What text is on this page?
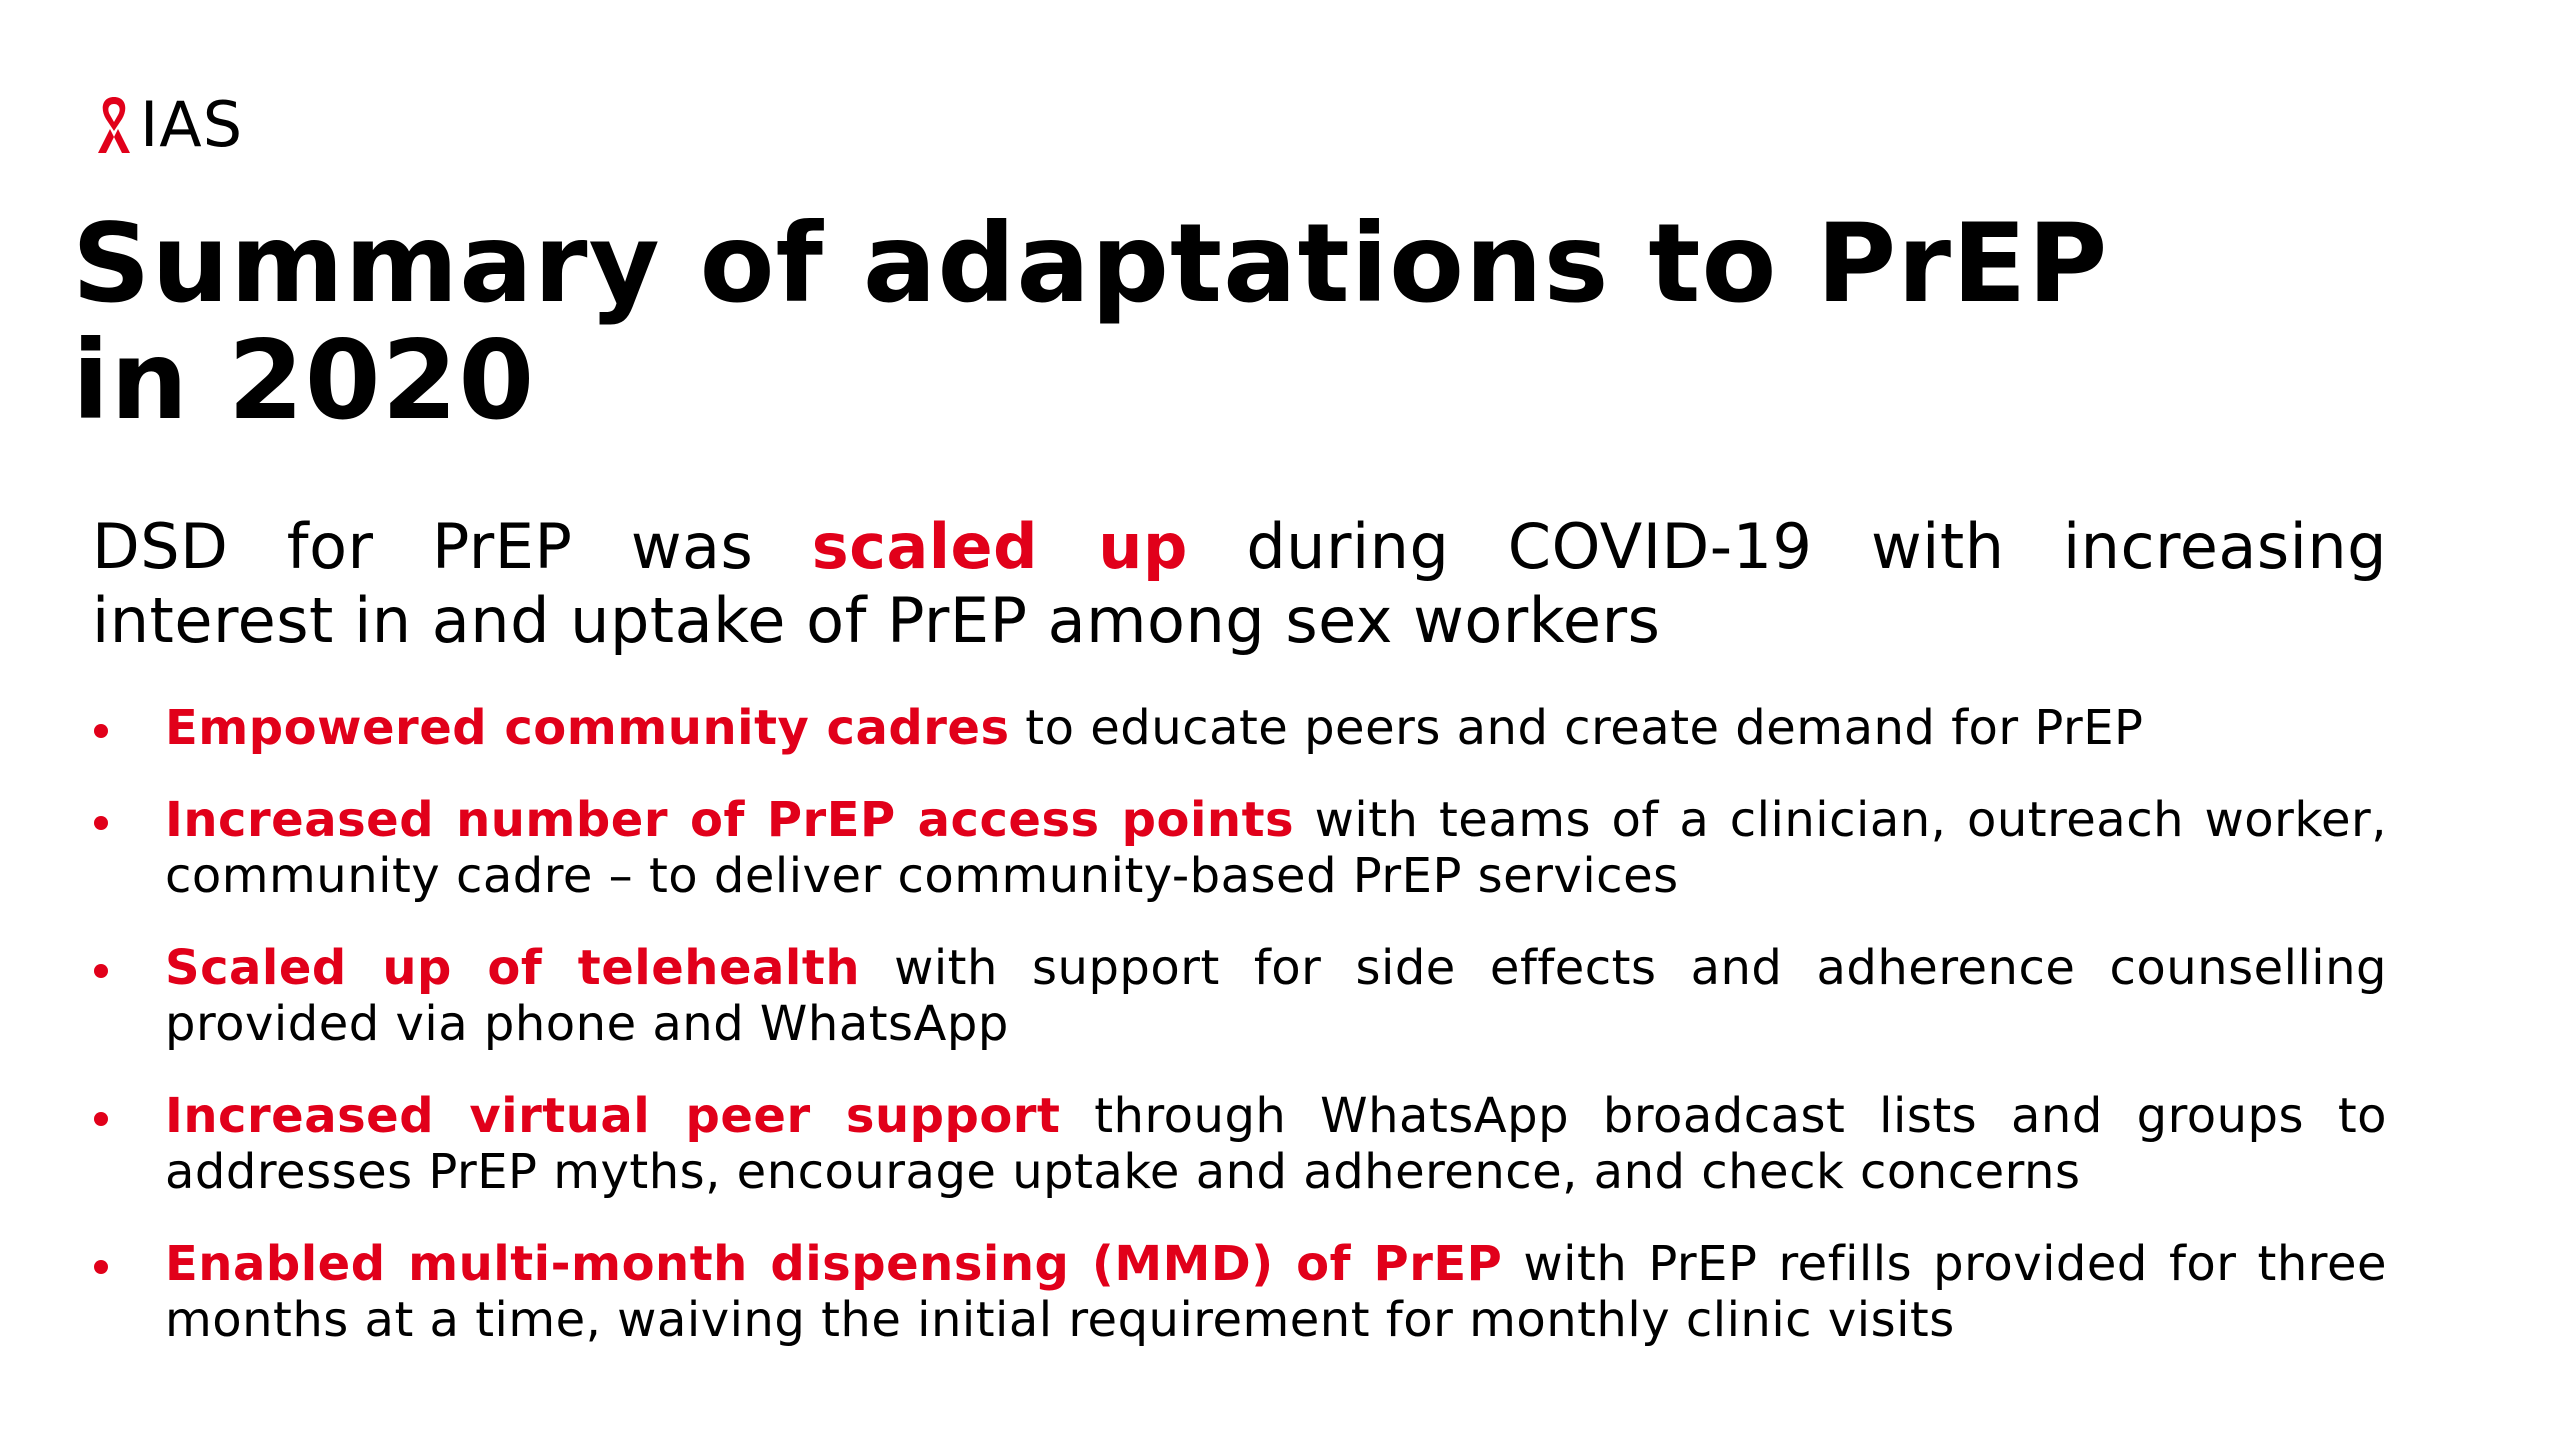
IAS
Summary of adaptations to PrEP
in 2020

DSD for PrEP was scaled up during COVID-19 with increasing
interest in and uptake of PrEP among sex workers

Empowered community cadres to educate peers and create demand for PrEP
Increased number of PrEP access points with teams of a clinician, outreach worker, community cadre – to deliver community-based PrEP services
Scaled up of telehealth with support for side effects and adherence counselling provided via phone and WhatsApp
Increased virtual peer support through WhatsApp broadcast lists and groups to addresses PrEP myths, encourage uptake and adherence, and check concerns
Enabled multi-month dispensing (MMD) of PrEP with PrEP refills provided for three months at a time, waiving the initial requirement for monthly clinic visits
